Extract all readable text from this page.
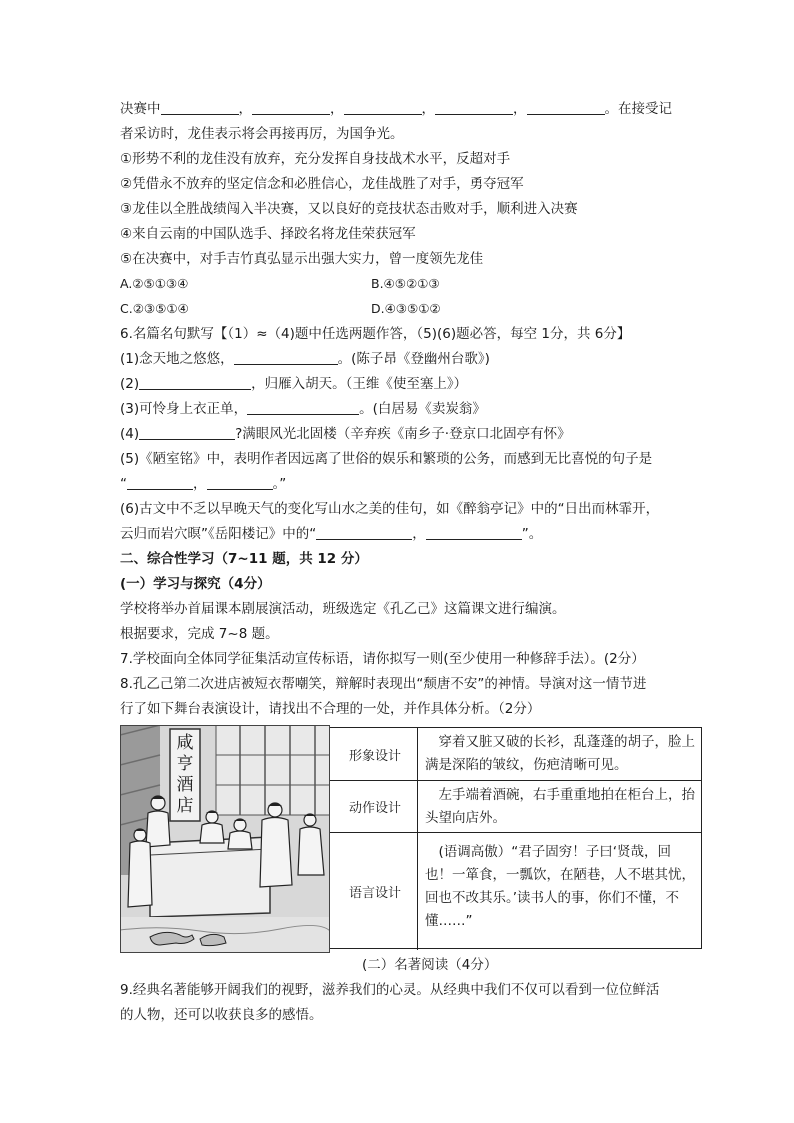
决赛中	，	，	，	，	。在接受记
者采访时，龙佳表示将会再接再厉，为国争光。
①形势不利的龙佳没有放弃，充分发挥自身技战术水平，反超对手
②凭借永不放弃的坚定信念和必胜信心，龙佳战胜了对手，勇夺冠军
③龙佳以全胜战绩闯入半决赛，又以良好的竞技状态击败对手，顺利进入决赛
④来自云南的中国队选手、择跤名将龙佳荣获冠军
⑤在决赛中，对手吉竹真弘显示出强大实力，曾一度领先龙佳
A.②⑤①③④	B.④⑤②①③
C.②③⑤①④	D.④③⑤①②
6.名篇名句默写【（1）≈（4)题中任选两题作答，（5)(6)题必答，每空 1分，共 6分】
(1)念天地之悠悠，	。(陈子昂《登幽州台歌》)
(2)	，归雁入胡天。（王维《使至塞上》）
(3)可怜身上衣正单，	。(白居易《卖炭翁》
(4)	?满眼风光北固楼（辛弃疾《南乡子·登京口北固亭有怀》
(5)《陋室铭》中，表明作者因远离了世俗的娱乐和繁琐的公务，而感到无比喜悦的句子是
“	，	。”
(6)古文中不乏以早晚天气的变化写山水之美的佳句，如《醉翁亭记》中的“日出而林霏开，
云归而岩穴暝”《岳阳楼记》中的“	，	”。
二、综合性学习（7~11 题，共 12 分）
(一）学习与探究（4分）
学校将举办首届课本剧展演活动，班级选定《孔乙己》这篇课文进行编演。
根据要求，完成 7~8 题。
7.学校面向全体同学征集活动宣传标语，请你拟写一则(至少使用一种修辞手法）。(2分）
8.孔乙己第二次进店被短衣帮嘲笑，辩解时表现出“颓唐不安”的神情。导演对这一情节进
行了如下舞台表演设计，请找出不合理的一处，并作具体分析。（2分）
形象设计
　穿着又脏又破的长衫，乱蓬蓬的胡子，脸上满是深陷的皱纹，伤疤清晰可见。
动作设计
　左手端着酒碗，右手重重地拍在柜台上，抬头望向店外。
语言设计
　(语调高傲）“君子固穷！子曰‘贤哉，回也！一箪食，一瓢饮，在陋巷，人不堪其忧，回也不改其乐。’读书人的事，你们不懂，不懂……”
咸亨酒店
(二）名著阅读（4分）
9.经典名著能够开阔我们的视野，滋养我们的心灵。从经典中我们不仅可以看到一位位鲜活
的人物，还可以收获良多的感悟。
